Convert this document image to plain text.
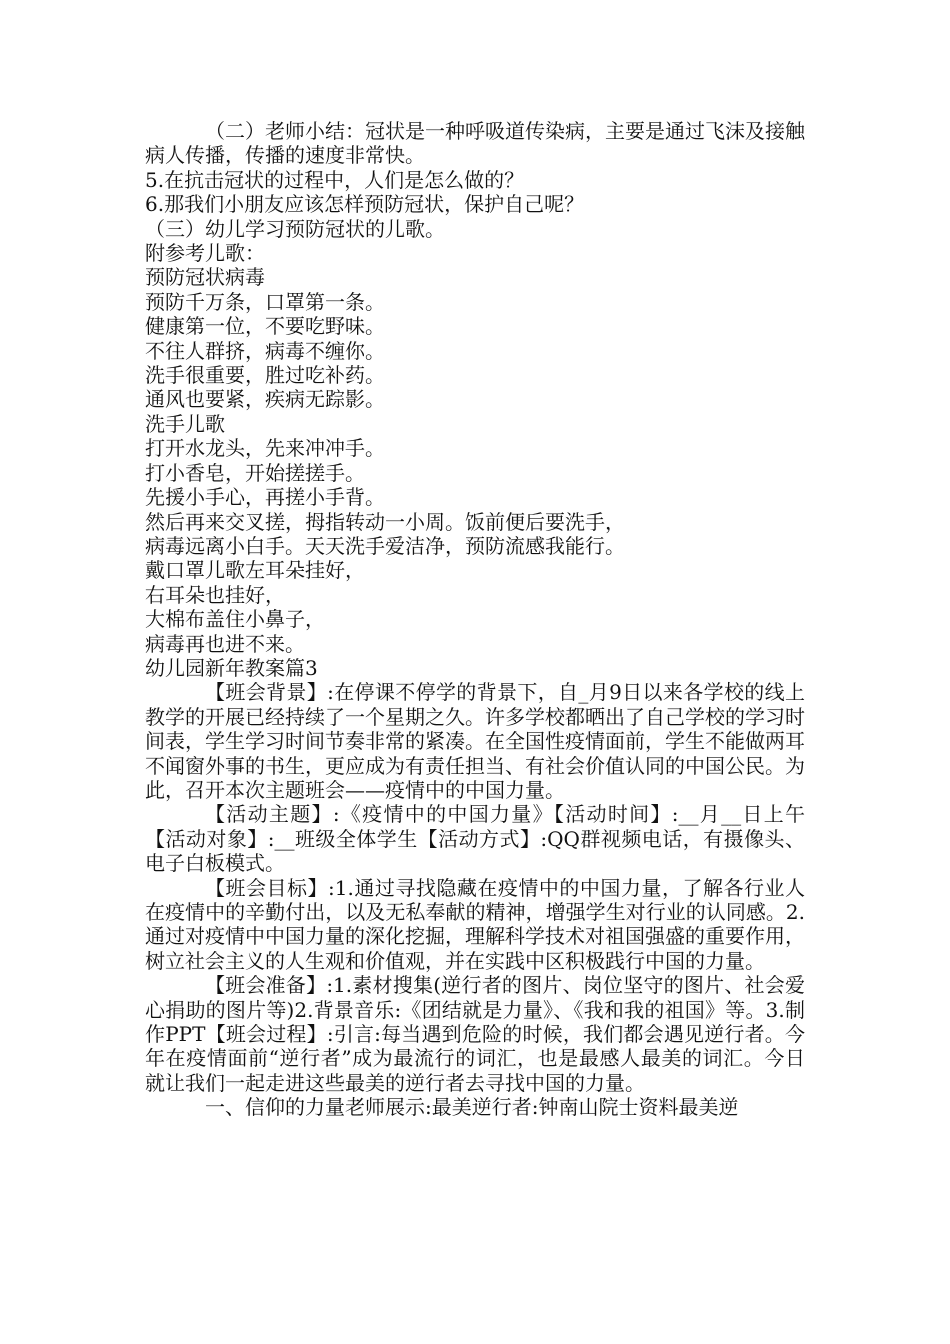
（二）老师小结：冠状是一种呼吸道传染病，主要是通过飞沫及接触病人传播，传播的速度非常快。

5.在抗击冠状的过程中，人们是怎么做的？

6.那我们小朋友应该怎样预防冠状，保护自己呢？

（三）幼儿学习预防冠状的儿歌。

附参考儿歌：

预防冠状病毒

预防千万条，口罩第一条。

健康第一位，不要吃野味。

不往人群挤，病毒不缠你。

洗手很重要，胜过吃补药。

通风也要紧，疾病无踪影。

洗手儿歌

打开水龙头，先来冲冲手。

打小香皂，开始搓搓手。

先援小手心，再搓小手背。

然后再来交叉搓，拇指转动一小周。饭前便后要洗手，

病毒远离小白手。天天洗手爱洁净，预防流感我能行。

戴口罩儿歌左耳朵挂好，

右耳朵也挂好，

大棉布盖住小鼻子，

病毒再也进不来。

幼儿园新年教案篇3

【班会背景】:在停课不停学的背景下，自_月9日以来各学校的线上教学的开展已经持续了一个星期之久。许多学校都晒出了自己学校的学习时间表，学生学习时间节奏非常的紧凑。在全国性疫情面前，学生不能做两耳不闻窗外事的书生，更应成为有责任担当、有社会价值认同的中国公民。为此，召开本次主题班会——疫情中的中国力量。

【活动主题】:《疫情中的中国力量》【活动时间】:__月__日上午【活动对象】:__班级全体学生【活动方式】:QQ群视频电话，有摄像头、电子白板模式。

【班会目标】:1.通过寻找隐藏在疫情中的中国力量，了解各行业人在疫情中的辛勤付出，以及无私奉献的精神，增强学生对行业的认同感。2.通过对疫情中中国力量的深化挖掘，理解科学技术对祖国强盛的重要作用，树立社会主义的人生观和价值观，并在实践中区积极践行中国的力量。

【班会准备】:1.素材搜集(逆行者的图片、岗位坚守的图片、社会爱心捐助的图片等)2.背景音乐:《团结就是力量》、《我和我的祖国》等。3.制作PPT【班会过程】:引言:每当遇到危险的时候，我们都会遇见逆行者。今年在疫情面前“逆行者”成为最流行的词汇，也是最感人最美的词汇。今日就让我们一起走进这些最美的逆行者去寻找中国的力量。

一、信仰的力量老师展示:最美逆行者:钟南山院士资料最美逆
